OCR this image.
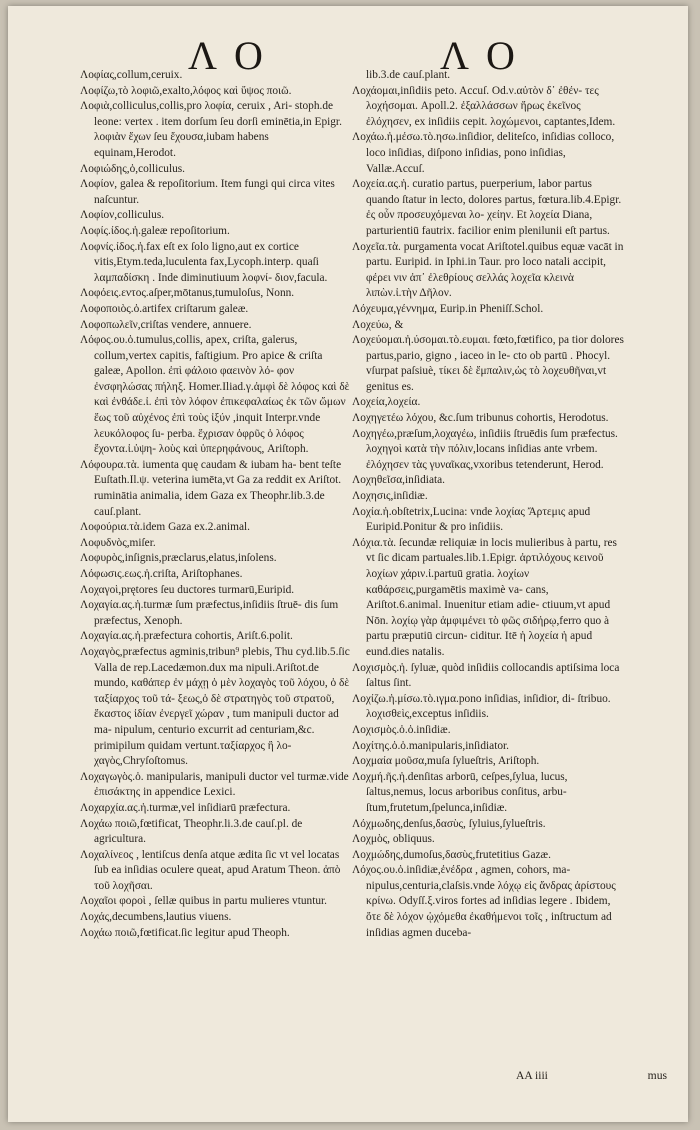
Λ Ο	Λ Ο

Λοφίας,collum,ceruix.

Λοφίζω,τὸ λοφιῶ,exalto,λόφος καὶ ὕψος ποιῶ.

Λοφιὰ,colliculus,collis,pro λοφία, ceruix , Ari- stoph.de leone: vertex . item dorſum ſeu dorſi eminētia,in Epigr. λοφιὰν ἔχων ſeu ἔχουσα,iubam habens equinam,Herodot.

Λοφιώδης,ὁ,colliculus.

Λοφίον, galea & repoſitorium. Item fungi qui circa vites naſcuntur.

Λοφίον,colliculus.

Λοφίς.ίδος.ἡ.galeæ repoſitorium.

Λοφνίς.ίδος.ἡ.fax eſt ex ſolo ligno,aut ex cortice vitis,Etym.teda,luculenta fax,Lycoph.interp. quaſi λαμπαδίσκη . Inde diminutiuum λοφνί- διον,facula.

Λοφόεις.εντος.aſper,mōtanus,tumuloſus, Nonn.

Λοφοποιὸς.ὁ.artifex criſtarum galeæ.

Λοφοπωλεῖν,criſtas vendere, annuere.

Λόφος.ου.ὁ.tumulus,collis, apex, criſta, galerus, collum,vertex capitis, faſtigium. Pro apice & criſta galeæ, Apollon. ἐπὶ φάλοιο φαεινὸν λό- φον ἐνσφηλώσας πήληξ. Homer.Iliad.γ.ἀμφὶ δὲ λόφος καὶ δὲ καὶ ἐνθάδε.ἰ. ἐπὶ τὸν λόφον ἐπικεφαλαίως ἐκ τῶν ὤμων ἕως τοῦ αὐχένος ἐπὶ τοὺς ἰξύν ,inquit Interpr.vnde λευκόλοφος ſu- perba. ἔχρισαν ὀφρῦς ὁ λόφος ἔχοντα.ἰ.ὑψη- λοὺς καὶ ὑπερηφάνους, Ariſtoph.

Λόφουρα.τὰ. iumenta quę caudam & iubam ha- bent teſte Euſtath.Il.ψ. veterina iumēta,vt Ga za reddit ex Ariſtot. ruminātia animalia, idem Gaza ex Theophr.lib.3.de cauſ.plant.

Λοφούρια.τὰ.idem Gaza ex.2.animal.

Λοφυδνὸς,miſer.

Λοφυρὸς,inſignis,præclarus,elatus,inſolens.

Λόφωσις.εως.ἡ.criſta, Ariſtophanes.

Λοχαγοὶ,prętores ſeu ductores turmarū,Euripid.

Λοχαγία.ας.ἡ.turmæ ſum præfectus,inſidiis ſtruē- dis ſum præfectus, Xenoph.

Λοχαγία.ας.ἡ.præfectura cohortis, Ariſt.6.polit.

Λοχαγὸς,præfectus agminis,tribun⁹ plebis, Thu cyd.lib.5.ſic Valla de rep.Lacedæmon.dux ma nipuli.Ariſtot.de mundo, καθάπερ ἐν μάχῃ ὁ μὲν λοχαγὸς τοῦ λόχου, ὁ δὲ ταξίαρχος τοῦ τά- ξεως,ὁ δὲ στρατηγὸς τοῦ στρατοῦ, ἕκαστος ἰδίαν ἐνεργεῖ χώραν , tum manipuli ductor ad ma- nipulum, centurio excurrit ad centuriam,&c. primipilum quidam vertunt.ταξίαρχος ἢ λο- χαγὸς,Chryſoſtomus.

Λοχαγωγὸς.ὁ. manipularis, manipuli ductor vel turmæ.vide ἐπισάκτης in appendice Lexici.

Λοχαρχία.ας.ἡ.turmæ,vel inſidiarū præfectura.

Λοχάω ποιῶ,fœtificat, Theophr.li.3.de cauſ.pl. de agricultura.

Λοχαλίνεος , lentiſcus denſa atque ædita ſic vt vel locatas ſub ea inſidias oculere queat, apud Aratum Theon. ἀπὸ τοῦ λοχῆσαι.

Λοχαῖοι φοροὶ , ſellæ quibus in partu mulieres vtuntur.

Λοχάς,decumbens,lautius viuens.

Λοχάω ποιῶ,fœtificat.ſic legitur apud Theoph.

lib.3.de cauſ.plant.

Λοχάομαι,inſidiis peto. Accuſ. Od.ν.αὐτὸν δ᾽ ἐθέν- τες λοχήσομαι. Apoll.2. ἐξαλλάσσων ἥρως ἐκεῖνος ἐλόχησεν, ex inſidiis cepit. λοχώμενοι, captantes,Idem.

Λοχάω.ἡ.μέσω.τὸ.ησω.inſidior, deliteſco, inſidias colloco, loco inſidias, diſpono inſidias, pono inſidias, Vallæ.Accuſ.

Λοχεία.ας.ἡ. curatio partus, puerperium, labor partus quando ſtatur in lecto, dolores partus, fœtura.lib.4.Epigr. ἐς οὖν προσευχόμεναι λο- χείην. Et λοχεία Diana, parturientiū fautrix. facilior enim plenilunii eſt partus.

Λοχεῖα.τὰ. purgamenta vocat Ariſtotel.quibus equæ vacāt in partu. Euripid. in Iphi.in Taur. pro loco natali accipit, φέρει νιν ἀπ᾽ ἐλεθρίους σελλάς λοχεῖα κλεινὰ λιπὼν.ἰ.τὴν Δῆλον.

Λόχευμα,γέννημα, Eurip.in Pheniſſ.Schol.

Λοχεύω, &

Λοχεύομαι.ἡ.ύσομαι.τὸ.ευμαι. fœto,fœtifico, pa tior dolores partus,pario, gigno , iaceo in le- cto ob partū . Phocyl. vſurpat paſsiuè, τίκει δὲ ἔμπαλιν,ὡς τὸ λοχευθῆναι,vt genitus es.

Λοχεία,λοχεία.

Λοχηγετέω λόχου, &c.ſum tribunus cohortis, Herodotus.

Λοχηγέω,præſum,λοχαγέω, inſidiis ſtruēdis ſum præfectus. λοχηγοὶ κατὰ τὴν πόλιν,locans inſidias ante vrbem. ἐλόχησεν τὰς γυναῖκας,vxoribus tetenderunt, Herod.

Λοχηθεῖσα,inſidiata.

Λοχησις,inſidiæ.

Λοχία.ἡ.obſtetrix,Lucina: vnde λοχίας Ἄρτεμις apud Euripid.Ponitur & pro inſidiis.

Λόχια.τὰ. ſecundæ reliquiæ in locis mulieribus à partu, res vt ſic dicam partuales.lib.1.Epigr. ἀρτιλόχους κεινοῦ λοχίων χάριν.ἰ.partuū gratia. λοχίων καθάρσεις,purgamētis maximè va- cans, Ariſtot.6.animal. Inuenitur etiam adie- ctiuum,vt apud Nōn. λοχίῳ γὰρ ἀμφιμένει τὸ φῶς σιδήρῳ,ferro quo à partu præputiū circun- ciditur. Itē ἡ λοχεία ἡ apud eund.dies natalis.

Λοχισμὸς.ἡ. ſyluæ, quòd inſidiis collocandis aptiſsima loca ſaltus ſint.

Λοχίζω.ἡ.μίσω.τὸ.ιγμα.pono inſidias, inſidior, di- ſtribuo. λοχισθεὶς,exceptus inſidiis.

Λοχισμὸς.ὁ.ὁ.inſidiæ.

Λοχίτης.ὁ.ὁ.manipularis,inſidiator.

Λοχμαία μοῦσα,muſa ſylueſtris, Ariſtoph.

Λοχμή.ῆς.ἡ.denſitas arborū, ceſpes,ſylua, lucus, ſaltus,nemus, locus arboribus conſitus, arbu- ſtum,frutetum,ſpelunca,inſidiæ.

Λόχμωδης,denſus,δασὺς, ſyluius,ſylueſtris.

Λοχμὸς, obliquus.

Λοχμώδης,dumoſus,δασὺς,frutetitius Gazæ.

Λόχος.ου.ὁ.inſidiæ,ἐνέδρα , agmen, cohors, ma- nipulus,centuria,claſsis.vnde λόχῳ εἰς ἄνδρας ἀρίστους κρίνω. Odyſſ.ξ.viros fortes ad inſidias legere . Ibidem, ὅτε δὲ λόχον ᾠχόμεθα ἐκαθήμενοι τοῖς , inſtructum ad inſidias agmen duceba-

AA iiii	mus
